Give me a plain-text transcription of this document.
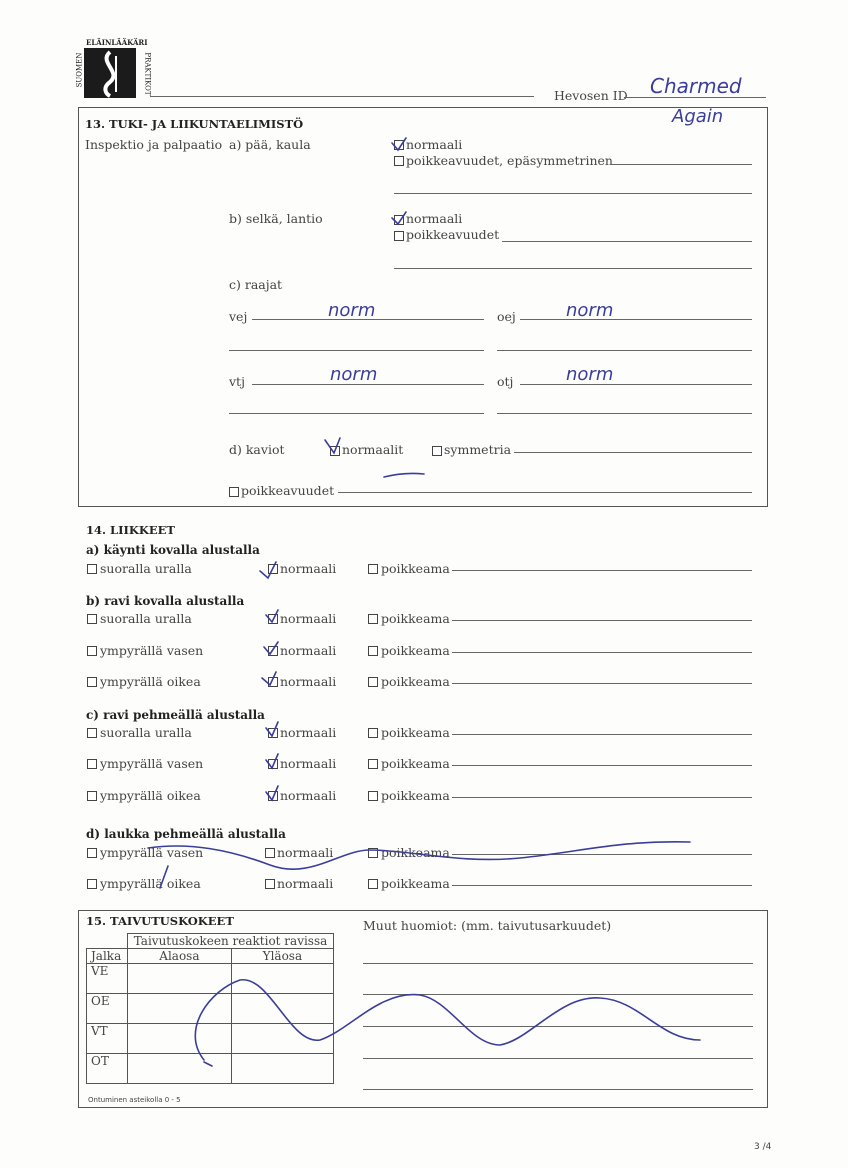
ELÄINLÄÄKÄRI
SUOMEN	PRAKTIKOT	Hevosen ID Charmed
Again
13. TUKI- JA LIIKUNTAELIMISTÖ
Inspektio ja palpaatio a) pää, kaula	normaali
poikkeavuudet, epäsymmetrinen
b) selkä, lantio	normaali
poikkeavuudet
c) raajat
vej	norm	oej	norm
vtj	norm	otj	norm
d) kaviot	normaalit	symmetria
poikkeavuudet
14. LIIKKEET
a) käynti kovalla alustalla
suoralla uralla	normaali	poikkeama
b) ravi kovalla alustalla
suoralla uralla	normaali	poikkeama
ympyrällä vasen	normaali	poikkeama
ympyrällä oikea	normaali	poikkeama
c) ravi pehmeällä alustalla
suoralla uralla	normaali	poikkeama
ympyrällä vasen	normaali	poikkeama
ympyrällä oikea	normaali	poikkeama
d) laukka pehmeällä alustalla
ympyrällä vasen	normaali	poikkeama
ympyrällä oikea	normaali	poikkeama
15. TAIVUTUSKOKEET
	Taivutuskokeen reaktiot ravissa	
Jalka	Alaosa	Yläosa
VE		
OE		
VT		
OT		
Ontuminen asteikolla 0 - 5
Muut huomiot: (mm. taivutusarkuudet)
3 /4
